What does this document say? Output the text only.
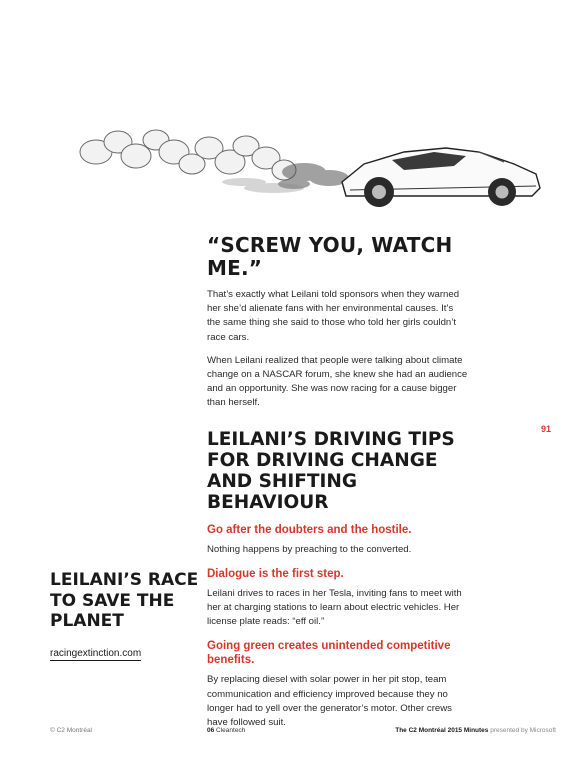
“SCREW YOU, WATCH ME.”

That’s exactly what Leilani told sponsors when they warned her she’d alienate fans with her environmental causes. It’s the same thing she said to those who told her girls couldn’t race cars.

When Leilani realized that people were talking about climate change on a NASCAR forum, she knew she had an audience and an opportunity. She was now racing for a cause bigger than herself.

LEILANI’S DRIVING TIPS FOR DRIVING CHANGE AND SHIFTING BEHAVIOUR

Go after the doubters and the hostile.

Nothing happens by preaching to the converted.

Dialogue is the first step.

Leilani drives to races in her Tesla, inviting fans to meet with her at charging stations to learn about electric vehicles. Her license plate reads: “eff oil.”

Going green creates unintended competitive benefits.

By replacing diesel with solar power in her pit stop, team communication and efficiency improved because they no longer had to yell over the generator’s motor. Other crews have followed suit.

91
LEILANI’S RACE TO SAVE THE PLANET
racingextinction.com
© C2 Montréal	06 Cleantech	The C2 Montréal 2015 Minutes presented by Microsoft
